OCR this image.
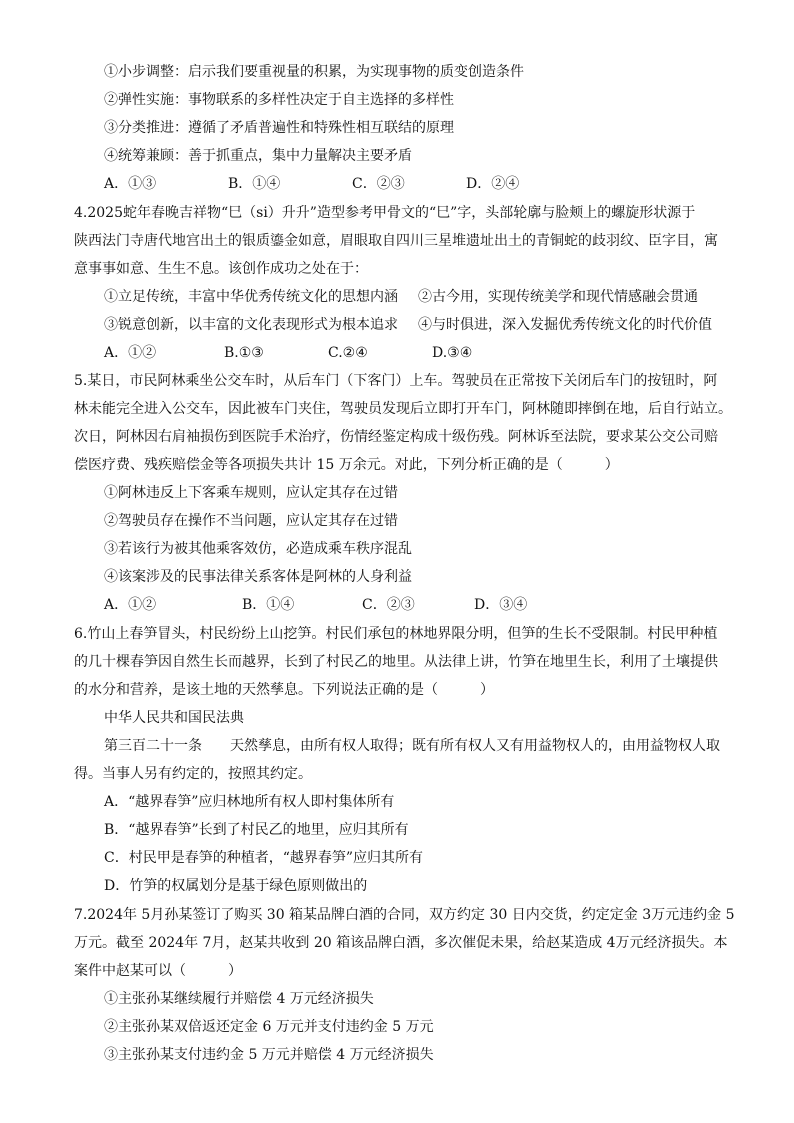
①小步调整：启示我们要重视量的积累，为实现事物的质变创造条件
②弹性实施：事物联系的多样性决定于自主选择的多样性
③分类推进：遵循了矛盾普遍性和特殊性相互联结的原理
④统筹兼顾：善于抓重点，集中力量解决主要矛盾
A．①③	B．①④	C．②③	D．②④
4.2025蛇年春晚吉祥物“巳（si）升升”造型参考甲骨文的“巳”字，头部轮廓与脸颊上的螺旋形状源于
陕西法门寺唐代地宫出土的银质鎏金如意，眉眼取自四川三星堆遗址出土的青铜蛇的歧羽纹、臣字目，寓
意事事如意、生生不息。该创作成功之处在于：
①立足传统，丰富中华优秀传统文化的思想内涵 ②古今用，实现传统美学和现代情感融会贯通
③锐意创新，以丰富的文化表现形式为根本追求 ④与时俱进，深入发掘优秀传统文化的时代价值
A．①②	B.①③	C.②④	D.③④
5.某日，市民阿林乘坐公交车时，从后车门（下客门）上车。驾驶员在正常按下关闭后车门的按钮时，阿
林未能完全进入公交车，因此被车门夹住，驾驶员发现后立即打开车门，阿林随即摔倒在地，后自行站立。
次日，阿林因右肩袖损伤到医院手术治疗，伤情经鉴定构成十级伤残。阿林诉至法院，要求某公交公司赔
偿医疗费、残疾赔偿金等各项损失共计 15 万余元。对此，下列分析正确的是（　　　）
①阿林违反上下客乘车规则，应认定其存在过错
②驾驶员存在操作不当问题，应认定其存在过错
③若该行为被其他乘客效仿，必造成乘车秩序混乱
④该案涉及的民事法律关系客体是阿林的人身利益
A．①②	B．①④	C．②③	D．③④
6.竹山上春笋冒头，村民纷纷上山挖笋。村民们承包的林地界限分明，但笋的生长不受限制。村民甲种植
的几十棵春笋因自然生长而越界，长到了村民乙的地里。从法律上讲，竹笋在地里生长，利用了土壤提供
的水分和营养，是该土地的天然孳息。下列说法正确的是（　　　）
中华人民共和国民法典
第三百二十一条　　天然孳息，由所有权人取得；既有所有权人又有用益物权人的，由用益物权人取
得。当事人另有约定的，按照其约定。
A．“越界春笋”应归林地所有权人即村集体所有
B．“越界春笋”长到了村民乙的地里，应归其所有
C．村民甲是春笋的种植者，“越界春笋”应归其所有
D．竹笋的权属划分是基于绿色原则做出的
7.2024年 5月孙某签订了购买 30 箱某品牌白酒的合同，双方约定 30 日内交货，约定定金 3万元违约金 5
万元。截至 2024年 7月，赵某共收到 20 箱该品牌白酒，多次催促未果，给赵某造成 4万元经济损失。本
案件中赵某可以（　　　）
①主张孙某继续履行并赔偿 4 万元经济损失
②主张孙某双倍返还定金 6 万元并支付违约金 5 万元
③主张孙某支付违约金 5 万元并赔偿 4 万元经济损失
